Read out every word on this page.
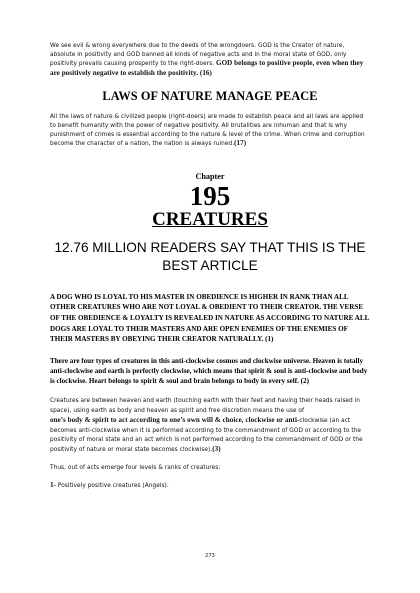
We see evil & wrong everywhere due to the deeds of the wrongdoers. GOD is the Creator of nature, absolute in positivity and GOD banned all kinds of negative acts and in the moral state of GOD, only positivity prevails causing prosperity to the right-doers. GOD belongs to positive people, even when they are positively negative to establish the positivity. (16)

LAWS OF NATURE MANAGE PEACE

All the laws of nature & civilized people (right-doers) are made to establish peace and all laws are applied to benefit humanity with the power of negative positivity. All brutalities are inhuman and that is why punishment of crimes is essential according to the nature & level of the crime. When crime and corruption become the character of a nation, the nation is always ruined.(17)

Chapter
195
CREATURES
12.76 MILLION READERS SAY THAT THIS IS THE BEST ARTICLE

A DOG WHO IS LOYAL TO HIS MASTER IN OBEDIENCE IS HIGHER IN RANK THAN ALL OTHER CREATURES WHO ARE NOT LOYAL & OBEDIENT TO THEIR CREATOR. THE VERSE OF THE OBEDIENCE & LOYALTY IS REVEALED IN NATURE AS ACCORDING TO NATURE ALL DOGS ARE LOYAL TO THEIR MASTERS AND ARE OPEN ENEMIES OF THE ENEMIES OF THEIR MASTERS BY OBEYING THEIR CREATOR NATURALLY. (1)

There are four types of creatures in this anti-clockwise cosmos and clockwise universe. Heaven is totally anti-clockwise and earth is perfectly clockwise, which means that spirit & soul is anti-clockwise and body is clockwise. Heart belongs to spirit & soul and brain belongs to body in every self. (2)

Creatures are between heaven and earth (touching earth with their feet and having their heads raised in space), using earth as body and heaven as spirit and free discretion means the use of
one’s body & spirit to act according to one’s own will & choice, clockwise or anti-clockwise (an act becomes anti-clockwise when it is performed according to the commandment of GOD or according to the positivity of moral state and an act which is not performed according to the commandment of GOD or the positivity of nature or moral state becomes clockwise).(3)

Thus, out of acts emerge four levels & ranks of creatures:

1- Positively positive creatures (Angels).

273
